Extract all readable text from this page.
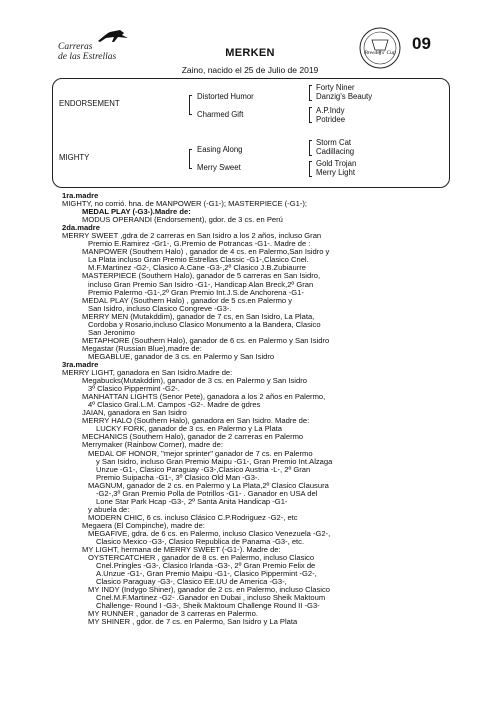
Carreras
de las Estrellas	Breeders' Cup 09
MERKEN
Zaino, nacido el 25 de Julio de 2019
ENDORSEMENT
MIGHTY
Distorted Humor
Charmed Gift
Easing Along
Merry Sweet
Forty Niner
Danzig's Beauty
A.P.Indy
Potridee
Storm Cat
Cadillacing
Gold Trojan
Merry Light
1ra.madre
MIGHTY, no corrió. hna. de MANPOWER (-G1-); MASTERPIECE (-G1-);
MEDAL PLAY (-G3-).Madre de:
MODUS OPERANDI (Endorsement), gdor. de 3 cs. en Perú
2da.madre
MERRY SWEET ,gdra de 2 carreras en San Isidro a los 2 años, incluso Gran
Premio E.Ramirez -Gr1-, G.Premio de Potrancas -G1-. Madre de :
MANPOWER (Southern Halo) , ganador de 4 cs. en Palermo,San Isidro y
La Plata incluso Gran Premio Estrellas Classic -G1-,Clasico Cnel.
M.F.Martinez -G2-, Clasico A.Cane -G3-,2º Clasico J.B.Zubiaurre
MASTERPIECE (Southern Halo), ganador de 5 carreras en San Isidro,
incluso Gran Premio San Isidro -G1-, Handicap Alan Breck,2º Gran
Premio Palermo -G1-,2º Gran Premio Int.J.S.de Anchorena -G1-
MEDAL PLAY (Southern Halo) , ganador de 5 cs.en Palermo y
San Isidro, incluso Clasico Congreve -G3-.
MERRY MEN (Mutakddim), ganador de 7 cs, en San Isidro, La Plata,
Cordoba y Rosario,incluso Clasico Monumento a la Bandera, Clasico
San Jeronimo
METAPHORE (Southern Halo), ganador de 6 cs. en Palermo y San Isidro
Megastar (Russian Blue),madre de:
MEGABLUE, ganador de 3 cs. en Palermo y San Isidro
3ra.madre
MERRY LIGHT, ganadora en San Isidro.Madre de:
Megabucks(Mutakddim), ganador de 3 cs. en Palermo y San Isidro
3º Clasico Pippermint -G2-.
MANHATTAN LIGHTS (Senor Pete), ganadora a los 2 años en Palermo,
4º Clasico Gral.L.M. Campos -G2-. Madre de gdres
JAIAN, ganadora en San Isidro
MERRY HALO (Southern Halo), ganadora en San Isidro. Madre de:
LUCKY FORK, ganador de 3 cs. en Palermo y La Plata
MECHANICS (Southern Halo), ganador de 2 carreras en Palermo
Merrymaker (Rainbow Corner), madre de:
MEDAL OF HONOR, "mejor sprinter" ganador de 7 cs. en Palermo
y San Isidro, incluso Gran Premio Maipu -G1-, Gran Premio Int.Alzaga
Unzue -G1-, Clasico Paraguay -G3-,Clasico Austria -L-, 2º Gran
Premio Suipacha -G1-, 3º Clasico Old Man -G3-.
MAGNUM, ganador de 2 cs. en Palermo y La Plata,2º Clasico Clausura
-G2-,3º Gran Premio Polla de Potrillos -G1- . Ganador en USA del
Lone Star Park Hcap -G3-, 2º Santa Anita Handicap -G1-
y abuela de:
MODERN CHIC, 6 cs. incluso Clásico C.P.Rodriguez -G2-, etc
Megaera (El Compinche), madre de:
MEGAFIVE, gdra. de 6 cs. en Palermo, incluso Clasico Venezuela -G2-,
Clasico Mexico -G3-, Clasico Republica de Panama -G3-, etc.
MY LIGHT, hermana de MERRY SWEET (-G1-). Madre de:
OYSTERCATCHER , ganador de 8 cs. en Palermo, incluso Clasico
Cnel.Pringles -G3-, Clasico Irlanda -G3-, 2º Gran Premio Felix de
A.Unzue -G1-, Gran Premio Maipu -G1-, Clasico Pippermint -G2-,
Clasico Paraguay -G3-, Clasico EE.UU de America -G3-,
MY INDY (Indygo Shiner), ganador de 2 cs. en Palermo, incluso Clasico
Cnel.M.F.Martinez -G2- .Ganador en Dubai , incluso Sheik Maktoum
Challenge- Round I -G3-, Sheik Maktoum Challenge Round II -G3-
MY RUNNER , ganador de 3 carreras en Palermo.
MY SHINER , gdor. de 7 cs. en Palermo, San Isidro y La Plata
